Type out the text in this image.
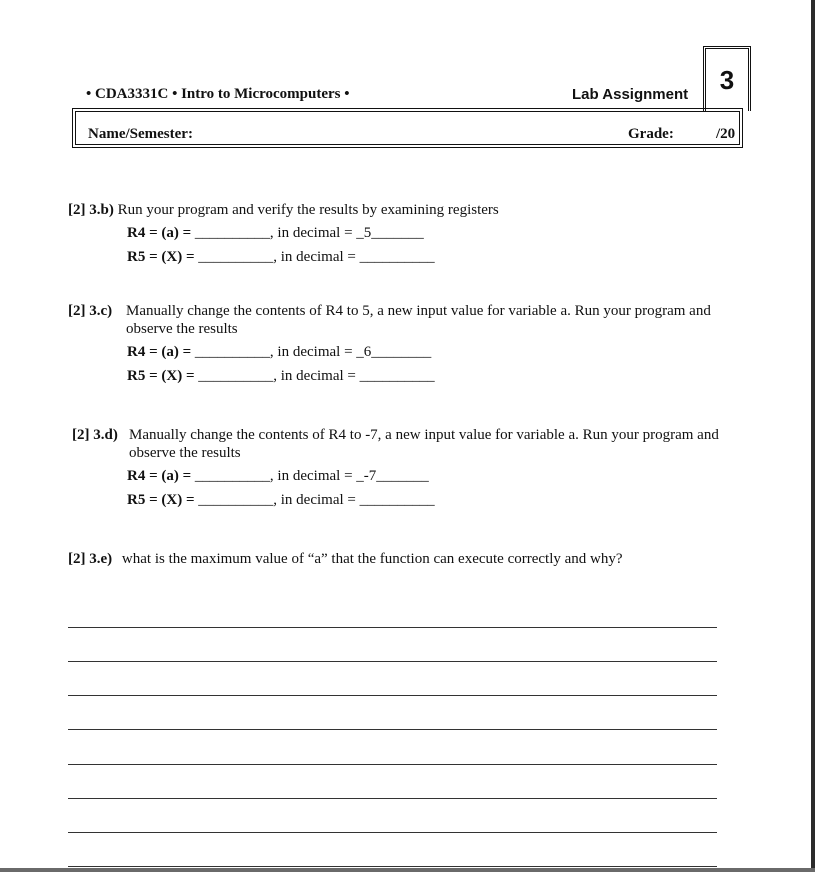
• CDA3331C • Intro to Microcomputers •	Lab Assignment 3
Name/Semester:	Grade:	/20
[2] 3.b) Run your program and verify the results by examining registers
R4 = (a) = __________, in decimal = _5_______
R5 = (X) = __________, in decimal = __________
[2] 3.c) Manually change the contents of R4 to 5, a new input value for variable a. Run your program and observe the results
R4 = (a) = __________, in decimal = _6________
R5 = (X) = __________, in decimal = __________
[2] 3.d) Manually change the contents of R4 to -7, a new input value for variable a. Run your program and observe the results
R4 = (a) = __________, in decimal = _-7_______
R5 = (X) = __________, in decimal = __________
[2] 3.e) what is the maximum value of “a” that the function can execute correctly and why?
